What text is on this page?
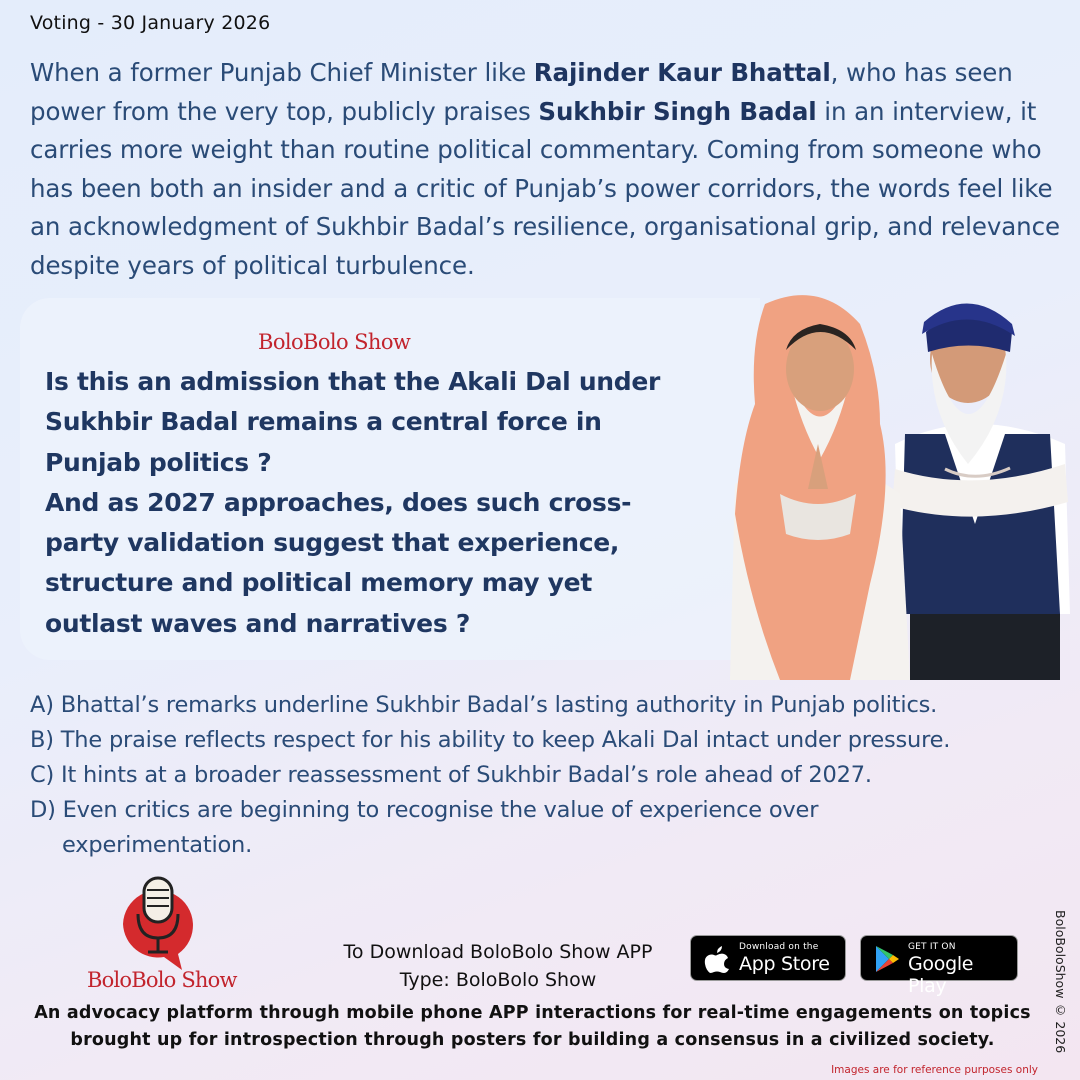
Voting - 30 January 2026
When a former Punjab Chief Minister like Rajinder Kaur Bhattal, who has seen power from the very top, publicly praises Sukhbir Singh Badal in an interview, it carries more weight than routine political commentary. Coming from someone who has been both an insider and a critic of Punjab’s power corridors, the words feel like an acknowledgment of Sukhbir Badal’s resilience, organisational grip, and relevance despite years of political turbulence.
BoloBolo Show
Is this an admission that the Akali Dal under
Sukhbir Badal remains a central force in
Punjab politics ?
And as 2027 approaches, does such cross-
party validation suggest that experience,
structure and political memory may yet
outlast waves and narratives ?
A) Bhattal’s remarks underline Sukhbir Badal’s lasting authority in Punjab politics.
B) The praise reflects respect for his ability to keep Akali Dal intact under pressure.
C) It hints at a broader reassessment of Sukhbir Badal’s role ahead of 2027.
D) Even critics are beginning to recognise the value of experience over
experimentation.
BoloBolo Show
To Download BoloBolo Show APP
Type: BoloBolo Show
Download on the
App Store
GET IT ON
Google Play
An advocacy platform through mobile phone APP interactions for real-time engagements on topics
brought up for introspection through posters for building a consensus in a civilized society.	BoloBoloShow © 2026
Images are for reference purposes only
